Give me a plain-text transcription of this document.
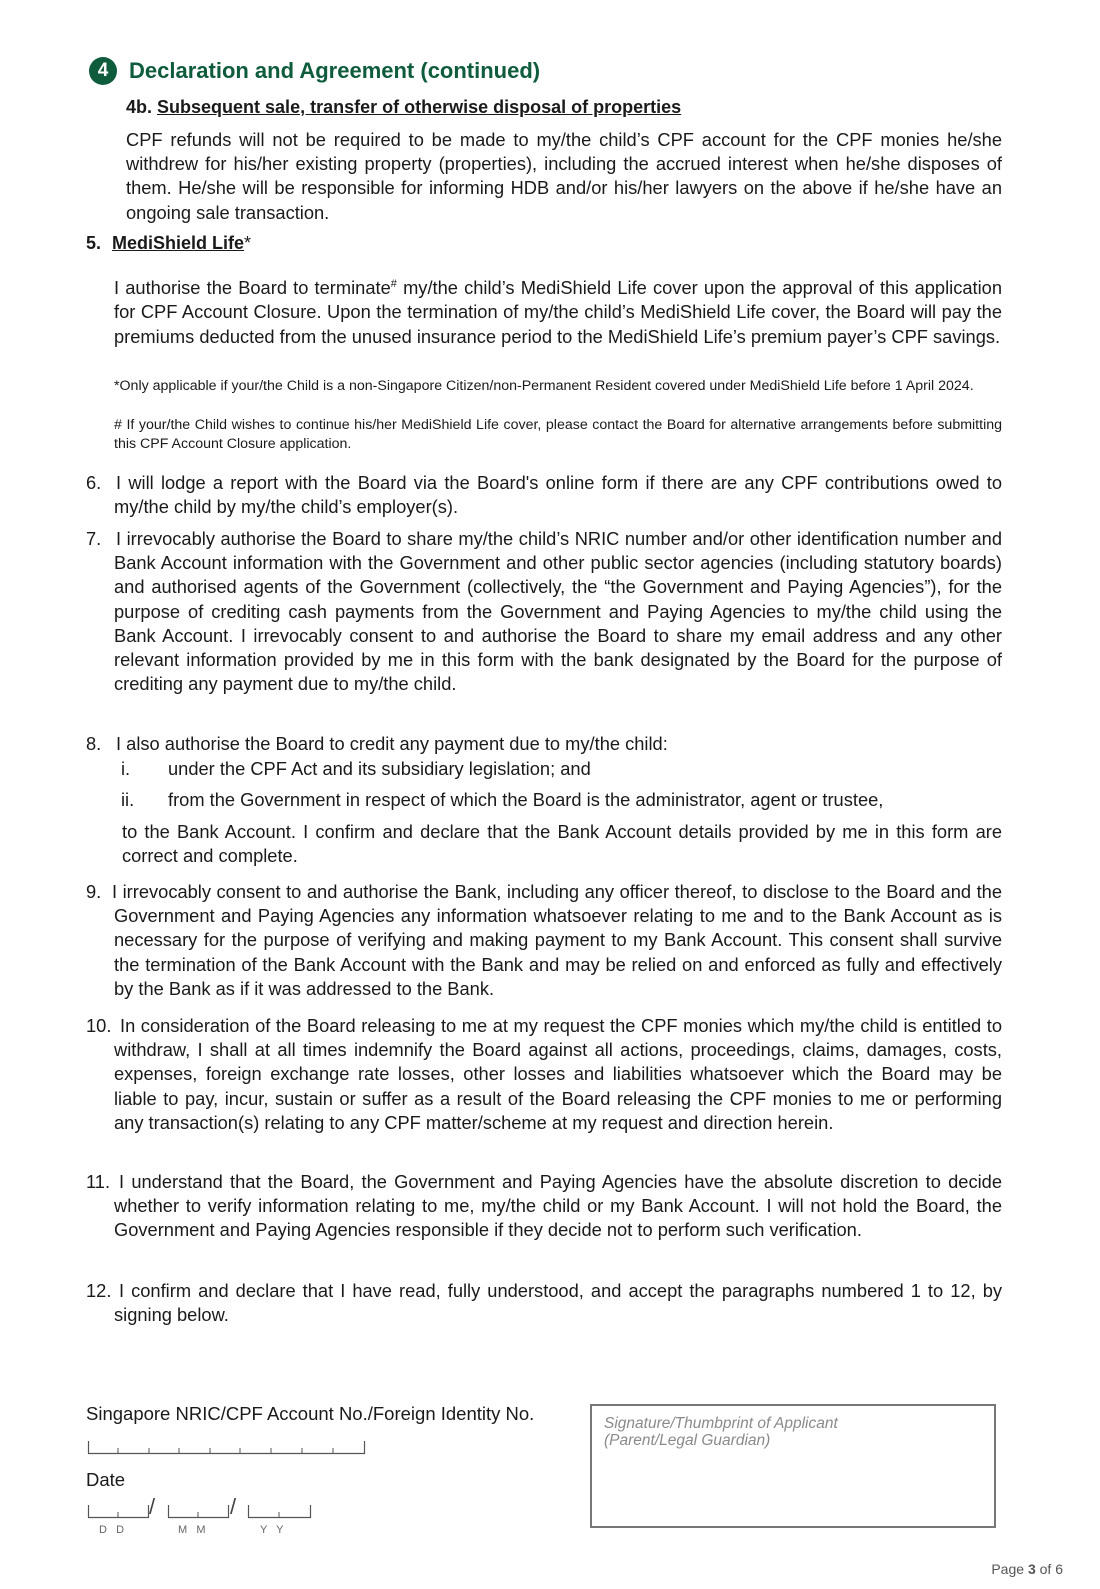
4 Declaration and Agreement (continued)
4b. Subsequent sale, transfer of otherwise disposal of properties
CPF refunds will not be required to be made to my/the child’s CPF account for the CPF monies he/she withdrew for his/her existing property (properties), including the accrued interest when he/she disposes of them. He/she will be responsible for informing HDB and/or his/her lawyers on the above if he/she have an ongoing sale transaction.
5. MediShield Life*
I authorise the Board to terminate# my/the child’s MediShield Life cover upon the approval of this application for CPF Account Closure. Upon the termination of my/the child’s MediShield Life cover, the Board will pay the premiums deducted from the unused insurance period to the MediShield Life’s premium payer’s CPF savings.
*Only applicable if your/the Child is a non-Singapore Citizen/non-Permanent Resident covered under MediShield Life before 1 April 2024.
# If your/the Child wishes to continue his/her MediShield Life cover, please contact the Board for alternative arrangements before submitting this CPF Account Closure application.
6. I will lodge a report with the Board via the Board's online form if there are any CPF contributions owed to my/the child by my/the child’s employer(s).
7. I irrevocably authorise the Board to share my/the child’s NRIC number and/or other identification number and Bank Account information with the Government and other public sector agencies (including statutory boards) and authorised agents of the Government (collectively, the “the Government and Paying Agencies”), for the purpose of crediting cash payments from the Government and Paying Agencies to my/the child using the Bank Account. I irrevocably consent to and authorise the Board to share my email address and any other relevant information provided by me in this form with the bank designated by the Board for the purpose of crediting any payment due to my/the child.
8. I also authorise the Board to credit any payment due to my/the child:
i. under the CPF Act and its subsidiary legislation; and
ii. from the Government in respect of which the Board is the administrator, agent or trustee,
to the Bank Account. I confirm and declare that the Bank Account details provided by me in this form are correct and complete.
9. I irrevocably consent to and authorise the Bank, including any officer thereof, to disclose to the Board and the Government and Paying Agencies any information whatsoever relating to me and to the Bank Account as is necessary for the purpose of verifying and making payment to my Bank Account. This consent shall survive the termination of the Bank Account with the Bank and may be relied on and enforced as fully and effectively by the Bank as if it was addressed to the Bank.
10. In consideration of the Board releasing to me at my request the CPF monies which my/the child is entitled to withdraw, I shall at all times indemnify the Board against all actions, proceedings, claims, damages, costs, expenses, foreign exchange rate losses, other losses and liabilities whatsoever which the Board may be liable to pay, incur, sustain or suffer as a result of the Board releasing the CPF monies to me or performing any transaction(s) relating to any CPF matter/scheme at my request and direction herein.
11. I understand that the Board, the Government and Paying Agencies have the absolute discretion to decide whether to verify information relating to me, my/the child or my Bank Account. I will not hold the Board, the Government and Paying Agencies responsible if they decide not to perform such verification.
12. I confirm and declare that I have read, fully understood, and accept the paragraphs numbered 1 to 12, by signing below.
Singapore NRIC/CPF Account No./Foreign Identity No.
Date
/	/
D   D	M   M	Y   Y
Signature/Thumbprint of Applicant
(Parent/Legal Guardian)
Page 3 of 6
